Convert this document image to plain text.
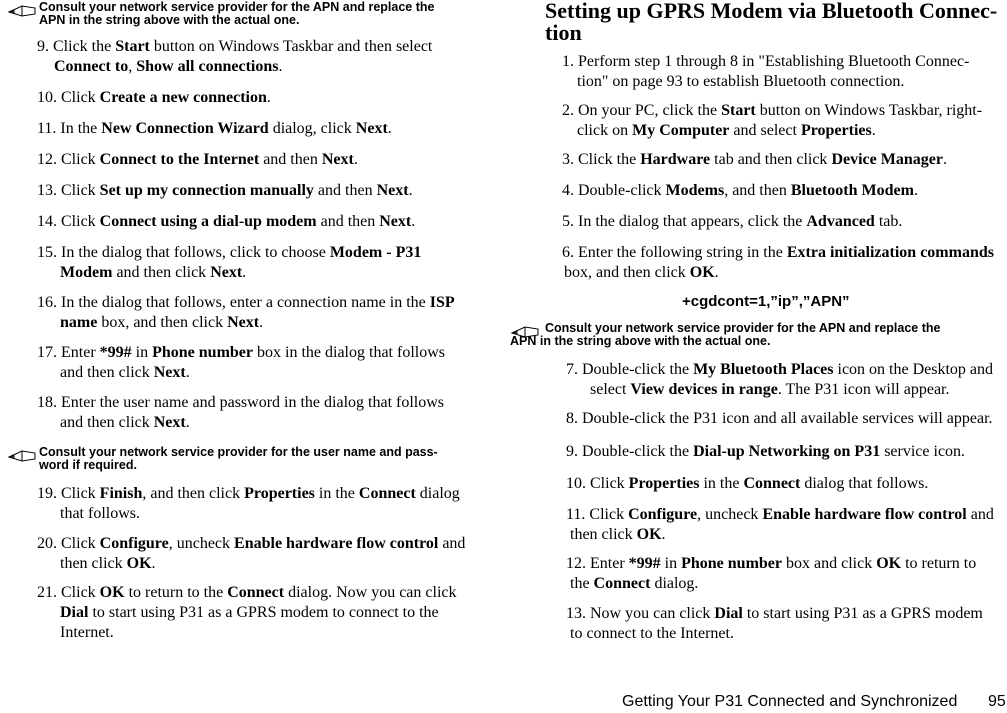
Consult your network service provider for the APN and replace the
APN in the string above with the actual one.
9. Click the Start button on Windows Taskbar and then select
Connect to, Show all connections.
10. Click Create a new connection.
11. In the New Connection Wizard dialog, click Next.
12. Click Connect to the Internet and then Next.
13. Click Set up my connection manually and then Next.
14. Click Connect using a dial-up modem and then Next.
15. In the dialog that follows, click to choose Modem - P31
Modem and then click Next.
16. In the dialog that follows, enter a connection name in the ISP
name box, and then click Next.
17. Enter *99# in Phone number box in the dialog that follows
and then click Next.
18. Enter the user name and password in the dialog that follows
and then click Next.
Consult your network service provider for the user name and pass-
word if required.
19. Click Finish, and then click Properties in the Connect dialog
that follows.
20. Click Configure, uncheck Enable hardware flow control and
then click OK.
21. Click OK to return to the Connect dialog. Now you can click
Dial to start using P31 as a GPRS modem to connect to the
Internet.
Setting up GPRS Modem via Bluetooth Connec-
tion
1. Perform step 1 through 8 in "Establishing Bluetooth Connec-
tion" on page 93 to establish Bluetooth connection.
2. On your PC, click the Start button on Windows Taskbar, right-
click on My Computer and select Properties.
3. Click the Hardware tab and then click Device Manager.
4. Double-click Modems, and then Bluetooth Modem.
5. In the dialog that appears, click the Advanced tab.
6. Enter the following string in the Extra initialization commands
box, and then click OK.
+cgdcont=1,”ip”,”APN”
Consult your network service provider for the APN and replace the
APN in the string above with the actual one.
7. Double-click the My Bluetooth Places icon on the Desktop and
select View devices in range. The P31 icon will appear.
8. Double-click the P31 icon and all available services will appear.
9. Double-click the Dial-up Networking on P31 service icon.
10. Click Properties in the Connect dialog that follows.
11. Click Configure, uncheck Enable hardware flow control and
then click OK.
12. Enter *99# in Phone number box and click OK to return to
the Connect dialog.
13. Now you can click Dial to start using P31 as a GPRS modem
to connect to the Internet.
Getting Your P31 Connected and Synchronized 95
